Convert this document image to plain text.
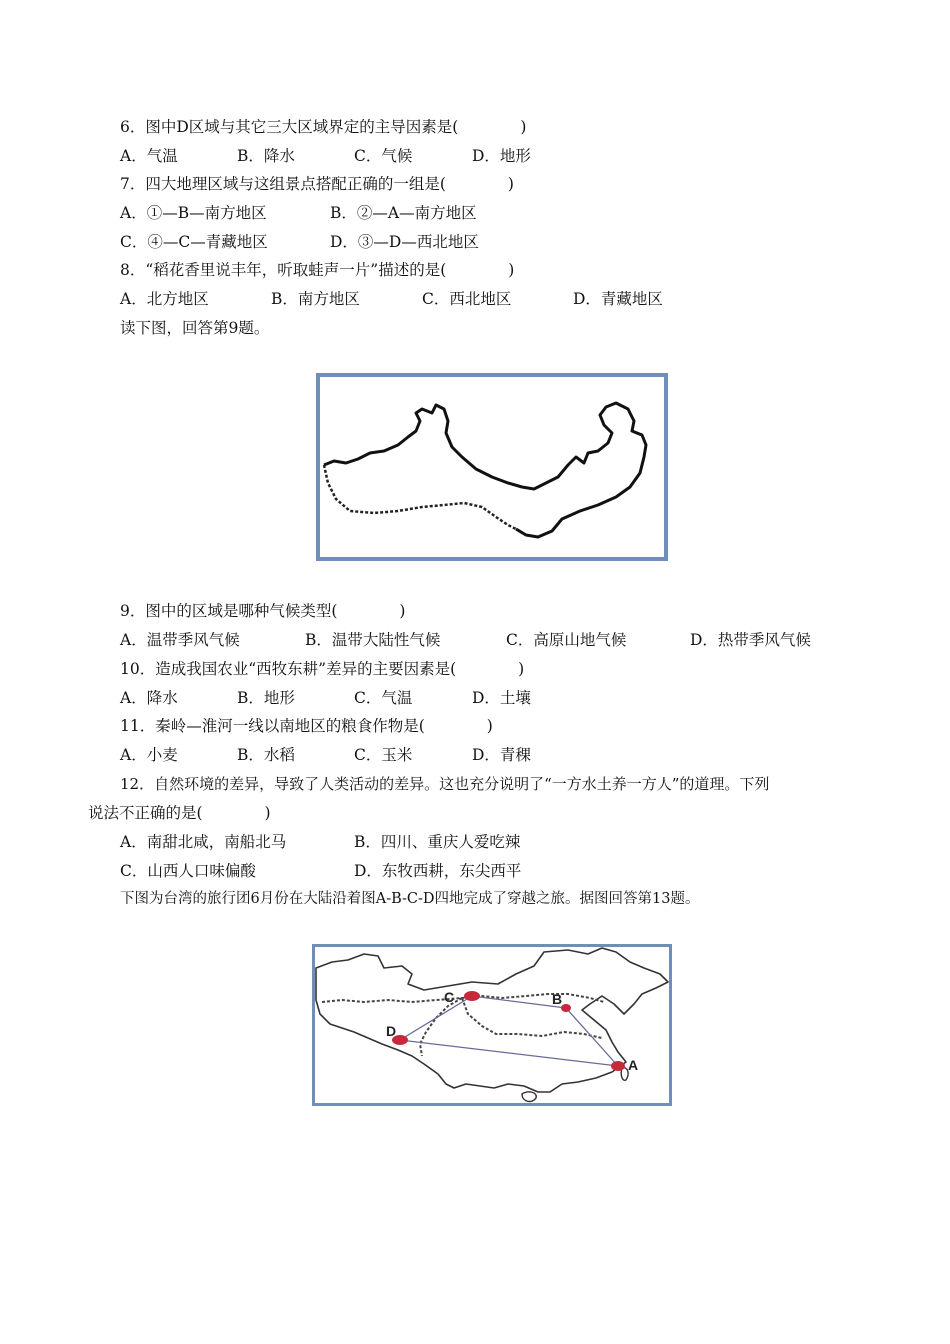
6．图中D区域与其它三大区域界定的主导因素是(　　　　)
A．气温	B．降水	C．气候	D．地形
7．四大地理区域与这组景点搭配正确的一组是(　　　　)
A．①—B—南方地区	B．②—A—南方地区
C．④—C—青藏地区	D．③—D—西北地区
8．“稻花香里说丰年，听取蛙声一片”描述的是(　　　　)
A．北方地区	B．南方地区	C．西北地区	D．青藏地区
读下图，回答第9题。
9．图中的区域是哪种气候类型(　　　　)
A．温带季风气候	B．温带大陆性气候	C．高原山地气候	D．热带季风气候
10．造成我国农业“西牧东耕”差异的主要因素是(　　　　)
A．降水	B．地形	C．气温	D．土壤
11．秦岭—淮河一线以南地区的粮食作物是(　　　　)
A．小麦	B．水稻	C．玉米	D．青稞
12．自然环境的差异，导致了人类活动的差异。这也充分说明了“一方水土养一方人”的道理。下列
说法不正确的是(　　　　)
A．南甜北咸，南船北马	B．四川、重庆人爱吃辣
C．山西人口味偏酸	D．东牧西耕，东尖西平
下图为台湾的旅行团6月份在大陆沿着图A-B-C-D四地完成了穿越之旅。据图回答第13题。
A
B
C
D
